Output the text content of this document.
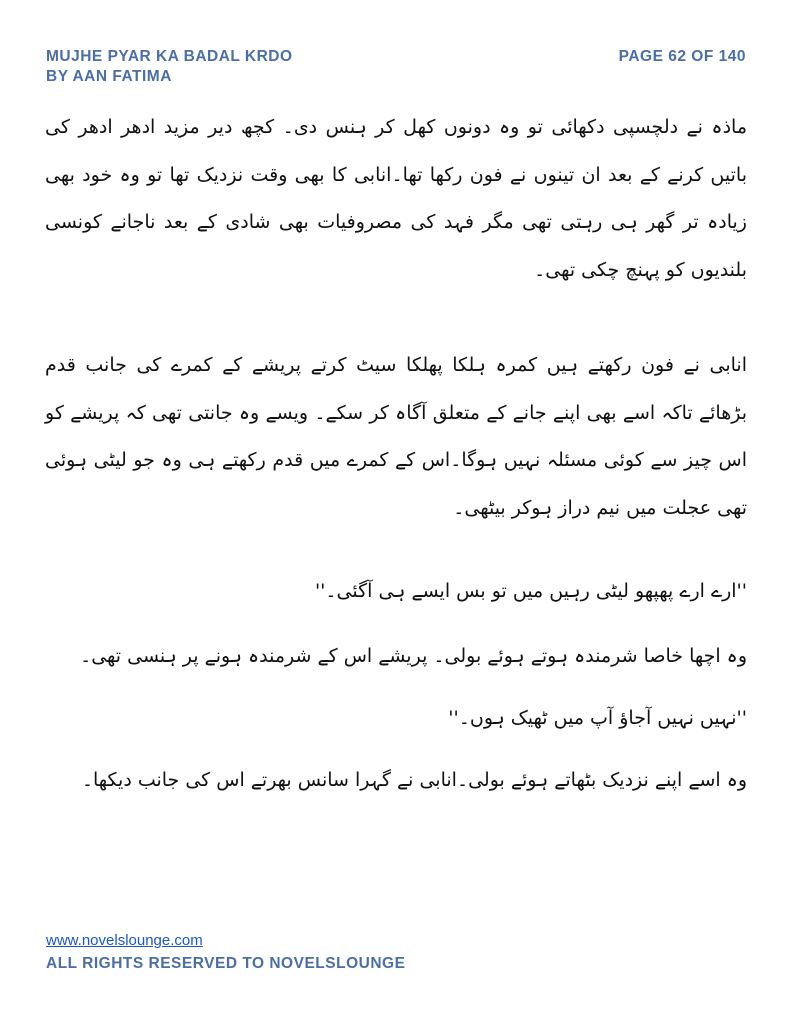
MUJHE PYAR KA BADAL KRDO
BY AAN FATIMA
PAGE 62 OF 140

ماذہ نے دلچسپی دکھائی تو وہ دونوں کھل کر ہنس دی۔ کچھ دیر مزید ادھر ادھر کی باتیں کرنے کے بعد ان تینوں نے فون رکھا تھا۔انابی کا بھی وقت نزدیک تھا تو وہ خود بھی زیادہ تر گھر ہی رہتی تھی مگر فہد کی مصروفیات بھی شادی کے بعد ناجانے کونسی بلندیوں کو پہنچ چکی تھی۔

انابی نے فون رکھتے ہیں کمرہ ہلکا پھلکا سیٹ کرتے پریشے کے کمرے کی جانب قدم بڑھائے تاکہ اسے بھی اپنے جانے کے متعلق آگاہ کر سکے۔ ویسے وہ جانتی تھی کہ پریشے کو اس چیز سے کوئی مسئلہ نہیں ہوگا۔اس کے کمرے میں قدم رکھتے ہی وہ جو لیٹی ہوئی تھی عجلت میں نیم دراز ہوکر بیٹھی۔

''ارے ارے پھپھو لیٹی رہیں میں تو بس ایسے ہی آگئی۔''

وہ اچھا خاصا شرمندہ ہوتے ہوئے بولی۔ پریشے اس کے شرمندہ ہونے پر ہنسی تھی۔

''نہیں نہیں آجاؤ آپ میں ٹھیک ہوں۔''

وہ اسے اپنے نزدیک بٹھاتے ہوئے بولی۔انابی نے گہرا سانس بھرتے اس کی جانب دیکھا۔

www.novelslounge.com
ALL RIGHTS RESERVED TO NOVELSLOUNGE
